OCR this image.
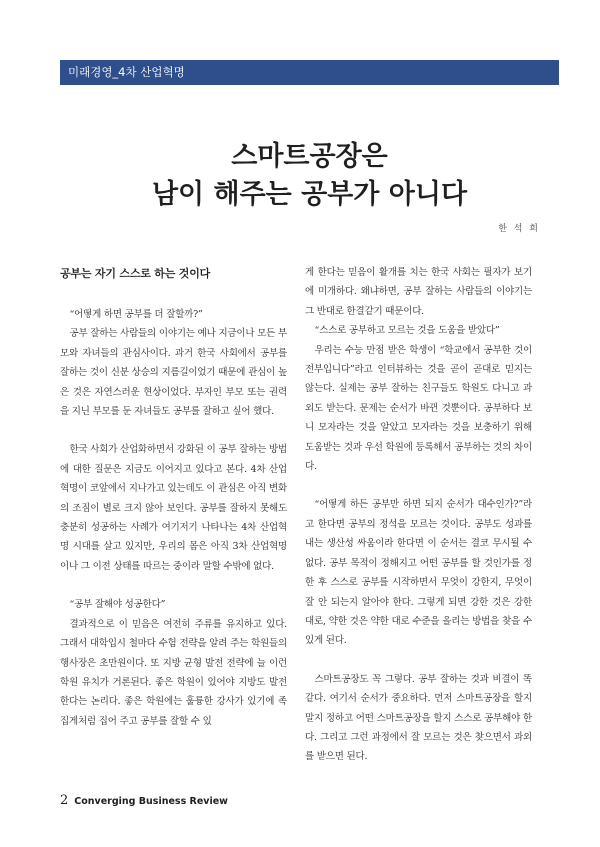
미래경영_4차 산업혁명
스마트공장은
남이 해주는 공부가 아니다
한 석 희

공부는 자기 스스로 하는 것이다

“어떻게 하면 공부를 더 잘할까?”

공부 잘하는 사람들의 이야기는 예나 지금이나 모든 부모와 자녀들의 관심사이다. 과거 한국 사회에서 공부를 잘하는 것이 신분 상승의 지름길이었기 때문에 관심이 높은 것은 자연스러운 현상이었다. 부자인 부모 또는 권력을 지닌 부모를 둔 자녀들도 공부를 잘하고 싶어 했다.

한국 사회가 산업화하면서 강화된 이 공부 잘하는 방법에 대한 질문은 지금도 이어지고 있다고 본다. 4차 산업혁명이 코앞에서 지나가고 있는데도 이 관심은 아직 변화의 조짐이 별로 크지 않아 보인다. 공부를 잘하지 못해도 충분히 성공하는 사례가 여기저기 나타나는 4차 산업혁명 시대를 살고 있지만, 우리의 몸은 아직 3차 산업혁명이나 그 이전 상태를 따르는 중이라 말할 수밖에 없다.

“공부 잘해야 성공한다”

결과적으로 이 믿음은 여전히 주류를 유지하고 있다. 그래서 대학입시 철마다 수험 전략을 알려 주는 학원들의 행사장은 초만원이다. 또 지방 균형 발전 전략에 늘 이런 학원 유치가 거론된다. 좋은 학원이 있어야 지방도 발전한다는 논리다. 좋은 학원에는 훌륭한 강사가 있기에 족집게처럼 집어 주고 공부를 잘할 수 있

게 한다는 믿음이 활개를 치는 한국 사회는 필자가 보기에 미개하다. 왜냐하면, 공부 잘하는 사람들의 이야기는 그 반대로 한결같기 때문이다.

“스스로 공부하고 모르는 것을 도움을 받았다”

우리는 수능 만점 받은 학생이 “학교에서 공부한 것이 전부입니다”라고 인터뷰하는 것을 곧이 곧대로 믿지는 않는다. 실제는 공부 잘하는 친구들도 학원도 다니고 과외도 받는다. 문제는 순서가 바뀐 것뿐이다. 공부하다 보니 모자라는 것을 알았고 모자라는 것을 보충하기 위해 도움받는 것과 우선 학원에 등록해서 공부하는 것의 차이다.

“어떻게 하든 공부만 하면 되지 순서가 대수인가?”라고 한다면 공부의 정석을 모르는 것이다. 공부도 성과를 내는 생산성 싸움이라 한다면 이 순서는 결코 무시될 수 없다. 공부 목적이 정해지고 어떤 공부를 할 것인가를 정한 후 스스로 공부를 시작하면서 무엇이 강한지, 무엇이 잘 안 되는지 알아야 한다. 그렇게 되면 강한 것은 강한 대로, 약한 것은 약한 대로 수준을 올리는 방법을 찾을 수 있게 된다.

스마트공장도 꼭 그렇다. 공부 잘하는 것과 비결이 똑같다. 여기서 순서가 중요하다. 먼저 스마트공장을 할지 말지 정하고 어떤 스마트공장을 할지 스스로 공부해야 한다. 그리고 그런 과정에서 잘 모르는 것은 찾으면서 과외를 받으면 된다.

2 Converging Business Review
